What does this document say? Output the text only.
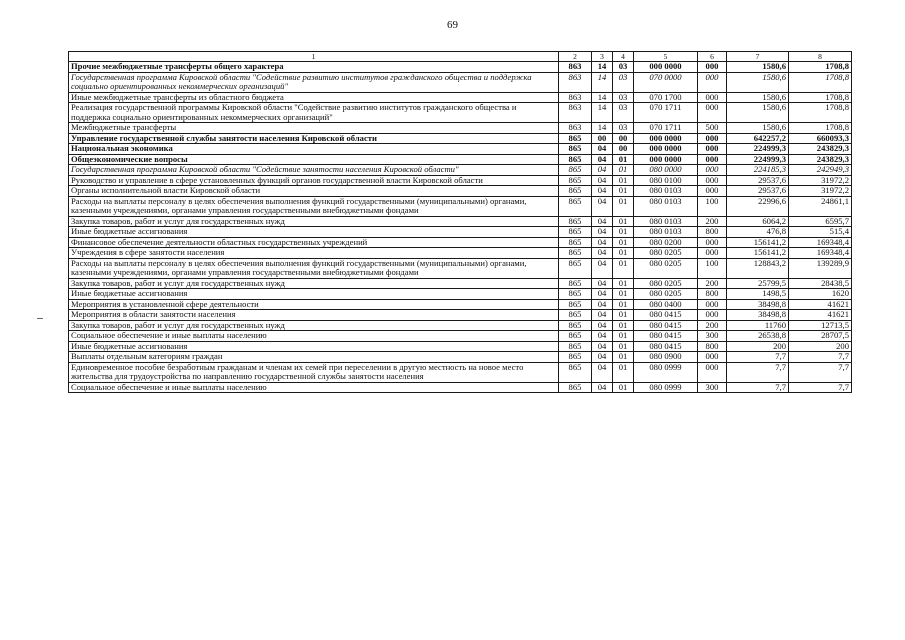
69
1	2	3	4	5	6	7	8
Прочие межбюджетные трансферты общего характера	863	14	03	000 0000	000	1580,6	1708,8
Государственная программа Кировской области "Содействие развитию институтов гражданского общества и поддержка социально ориентированных некоммерческих организаций"	863	14	03	070 0000	000	1580,6	1708,8
Иные межбюджетные трансферты из областного бюджета	863	14	03	070 1700	000	1580,6	1708,8
Реализация государственной программы Кировской области "Содействие развитию институтов гражданского общества и поддержка социально ориентированных некоммерческих организаций"	863	14	03	070 1711	000	1580,6	1708,8
Межбюджетные трансферты	863	14	03	070 1711	500	1580,6	1708,8
Управление государственной службы занятости населения Кировской области	865	00	00	000 0000	000	642257,2	660093,3
Национальная экономика	865	04	00	000 0000	000	224999,3	243829,3
Общеэкономические вопросы	865	04	01	000 0000	000	224999,3	243829,3
Государственная программа Кировской области "Содействие занятости населения Кировской области"	865	04	01	080 0000	000	224185,3	242949,3
Руководство и управление в сфере установленных функций органов государственной власти Кировской области	865	04	01	080 0100	000	29537,6	31972,2
Органы исполнительной власти Кировской области	865	04	01	080 0103	000	29537,6	31972,2
Расходы на выплаты персоналу в целях обеспечения выполнения функций государственными (муниципальными) органами, казенными учреждениями, органами управления государственными внебюджетными фондами	865	04	01	080 0103	100	22996,6	24861,1
Закупка товаров, работ и услуг для государственных нужд	865	04	01	080 0103	200	6064,2	6595,7
Иные бюджетные ассигнования	865	04	01	080 0103	800	476,8	515,4
Финансовое обеспечение деятельности областных государственных учреждений	865	04	01	080 0200	000	156141,2	169348,4
Учреждения в сфере занятости населения	865	04	01	080 0205	000	156141,2	169348,4
Расходы на выплаты персоналу в целях обеспечения выполнения функций государственными (муниципальными) органами, казенными учреждениями, органами управления государственными внебюджетными фондами	865	04	01	080 0205	100	128843,2	139289,9
Закупка товаров, работ и услуг для государственных нужд	865	04	01	080 0205	200	25799,5	28438,5
Иные бюджетные ассигнования	865	04	01	080 0205	800	1498,5	1620
Мероприятия в установленной сфере деятельности	865	04	01	080 0400	000	38498,8	41621
Мероприятия в области занятости населения	865	04	01	080 0415	000	38498,8	41621
Закупка товаров, работ и услуг для государственных нужд	865	04	01	080 0415	200	11760	12713,5
Социальное обеспечение и иные выплаты населению	865	04	01	080 0415	300	26538,8	28707,5
Иные бюджетные ассигнования	865	04	01	080 0415	800	200	200
Выплаты отдельным категориям граждан	865	04	01	080 0900	000	7,7	7,7
Единовременное пособие безработным гражданам и членам их семей при переселении в другую местность на новое место жительства для трудоустройства по направлению государственной службы занятости населения	865	04	01	080 0999	000	7,7	7,7
Социальное обеспечение и иные выплаты населению	865	04	01	080 0999	300	7,7	7,7
